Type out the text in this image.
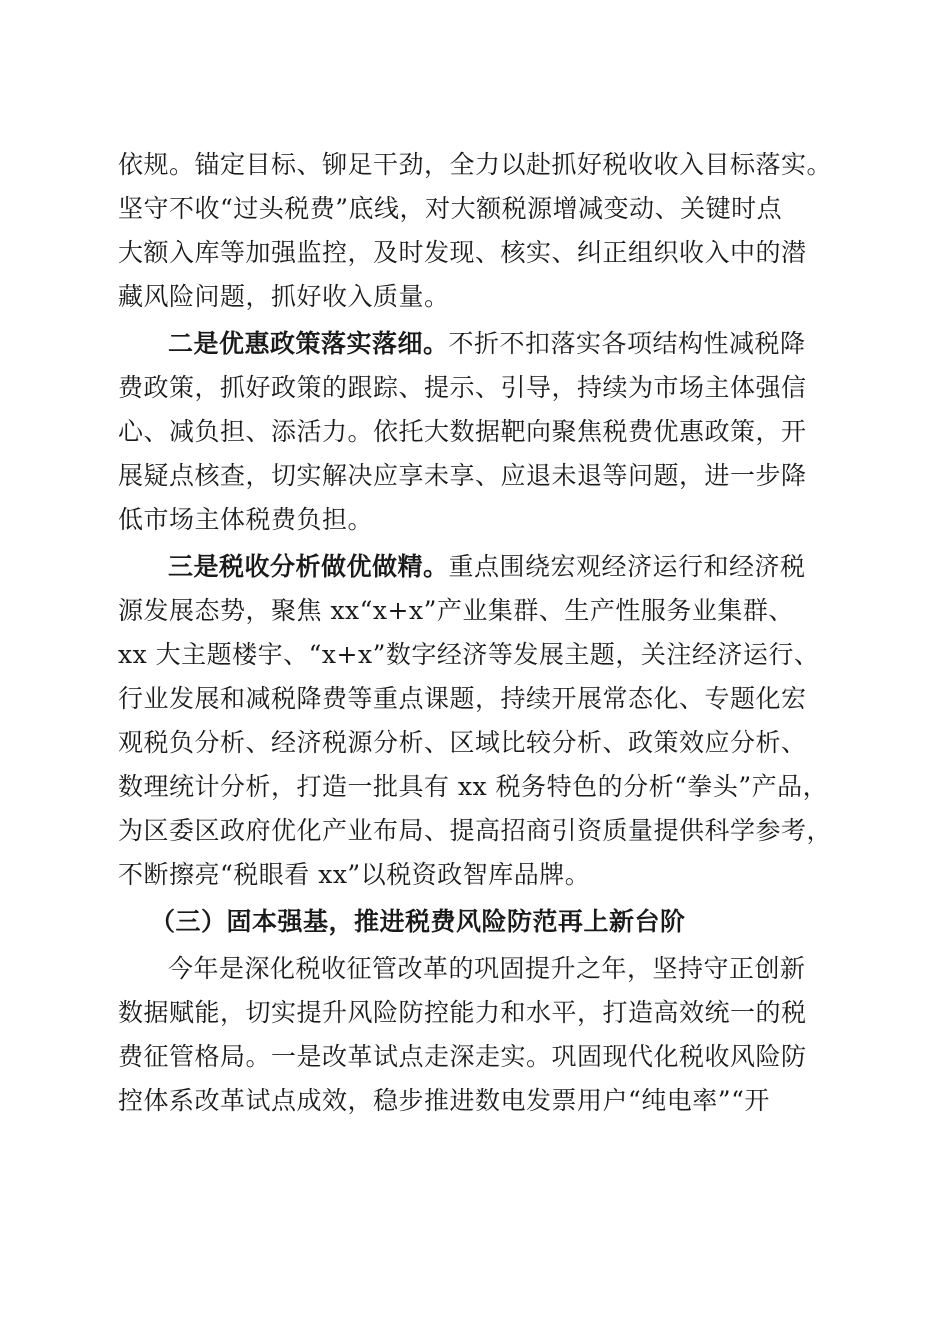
依规。锚定目标、铆足干劲，全力以赴抓好税收收入目标落实。
坚守不收“过头税费”底线，对大额税源增减变动、关键时点
大额入库等加强监控，及时发现、核实、纠正组织收入中的潜
藏风险问题，抓好收入质量。
二是优惠政策落实落细。不折不扣落实各项结构性减税降
费政策，抓好政策的跟踪、提示、引导，持续为市场主体强信
心、减负担、添活力。依托大数据靶向聚焦税费优惠政策，开
展疑点核查，切实解决应享未享、应退未退等问题，进一步降
低市场主体税费负担。
三是税收分析做优做精。重点围绕宏观经济运行和经济税
源发展态势，聚焦 xx“x+x”产业集群、生产性服务业集群、
xx 大主题楼宇、“x+x”数字经济等发展主题，关注经济运行、
行业发展和减税降费等重点课题，持续开展常态化、专题化宏
观税负分析、经济税源分析、区域比较分析、政策效应分析、
数理统计分析，打造一批具有 xx 税务特色的分析“拳头”产品，
为区委区政府优化产业布局、提高招商引资质量提供科学参考，
不断擦亮“税眼看 xx”以税资政智库品牌。
（三）固本强基，推进税费风险防范再上新台阶
今年是深化税收征管改革的巩固提升之年，坚持守正创新
数据赋能，切实提升风险防控能力和水平，打造高效统一的税
费征管格局。一是改革试点走深走实。巩固现代化税收风险防
控体系改革试点成效，稳步推进数电发票用户“纯电率”“开
